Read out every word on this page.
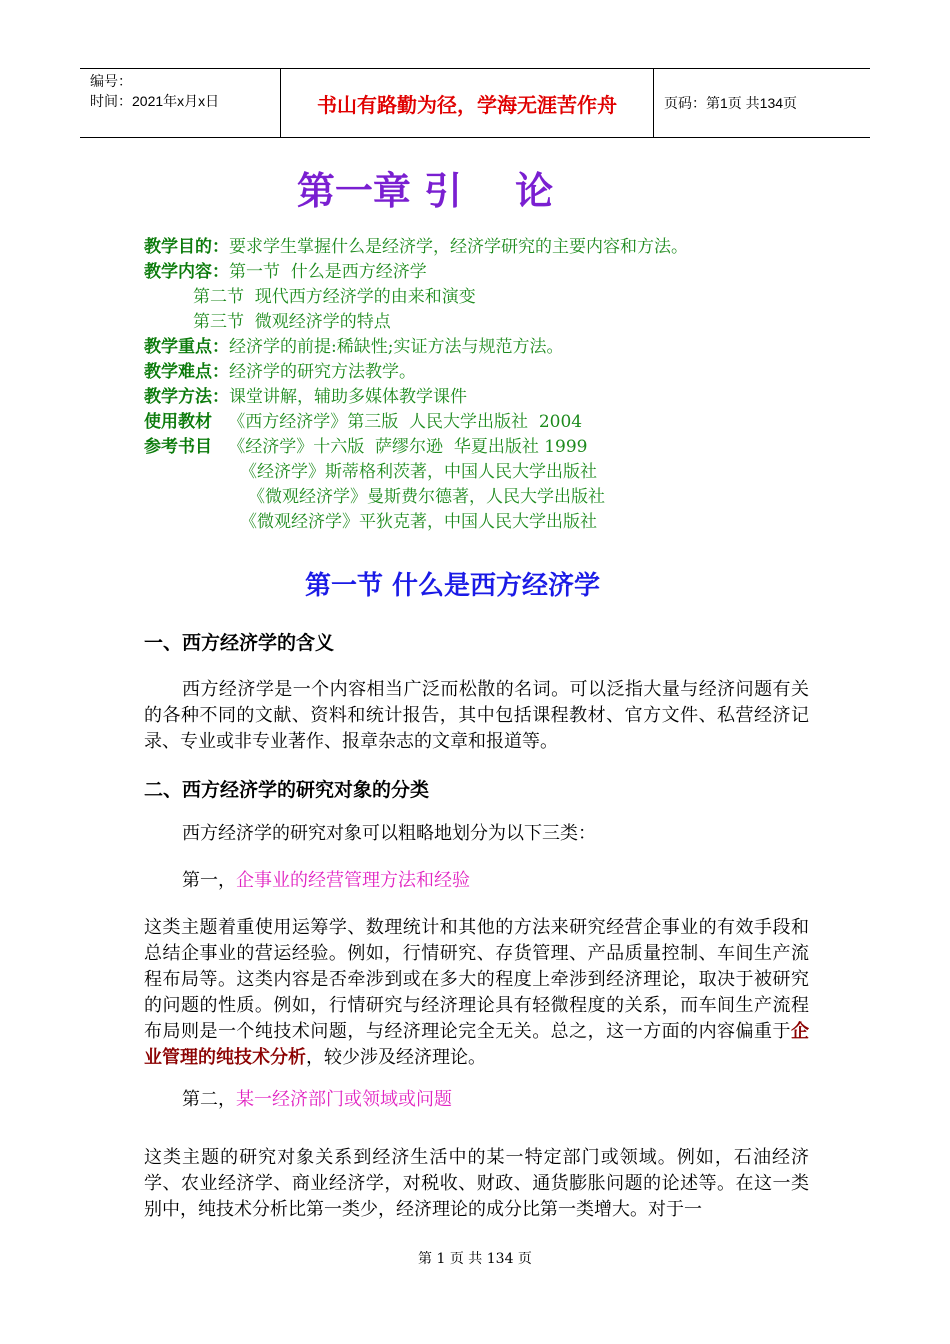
编号：
时间：2021年x月x日	书山有路勤为径，学海无涯苦作舟	页码：第1页 共134页
第一章 引    论
教学目的：要求学生掌握什么是经济学，经济学研究的主要内容和方法。
教学内容：第一节  什么是西方经济学
第二节  现代西方经济学的由来和演变
第三节  微观经济学的特点
教学重点：经济学的前提:稀缺性;实证方法与规范方法。
教学难点：经济学的研究方法教学。
教学方法：课堂讲解，辅助多媒体教学课件
使用教材   《西方经济学》第三版  人民大学出版社  2004
参考书目   《经济学》十六版  萨缪尔逊  华夏出版社 1999
《经济学》斯蒂格利茨著，中国人民大学出版社
《微观经济学》曼斯费尔德著，人民大学出版社
《微观经济学》平狄克著，中国人民大学出版社
第一节 什么是西方经济学
一、西方经济学的含义
西方经济学是一个内容相当广泛而松散的名词。可以泛指大量与经济问题有关的各种不同的文献、资料和统计报告，其中包括课程教材、官方文件、私营经济记录、专业或非专业著作、报章杂志的文章和报道等。
二、西方经济学的研究对象的分类
西方经济学的研究对象可以粗略地划分为以下三类：
第一，企事业的经营管理方法和经验
这类主题着重使用运筹学、数理统计和其他的方法来研究经营企事业的有效手段和总结企事业的营运经验。例如，行情研究、存货管理、产品质量控制、车间生产流程布局等。这类内容是否牵涉到或在多大的程度上牵涉到经济理论，取决于被研究的问题的性质。例如，行情研究与经济理论具有轻微程度的关系，而车间生产流程布局则是一个纯技术问题，与经济理论完全无关。总之，这一方面的内容偏重于企业管理的纯技术分析，较少涉及经济理论。
第二，某一经济部门或领域或问题
这类主题的研究对象关系到经济生活中的某一特定部门或领域。例如，石油经济学、农业经济学、商业经济学，对税收、财政、通货膨胀问题的论述等。在这一类别中，纯技术分析比第一类少，经济理论的成分比第一类增大。对于一
第 1 页 共 134 页
